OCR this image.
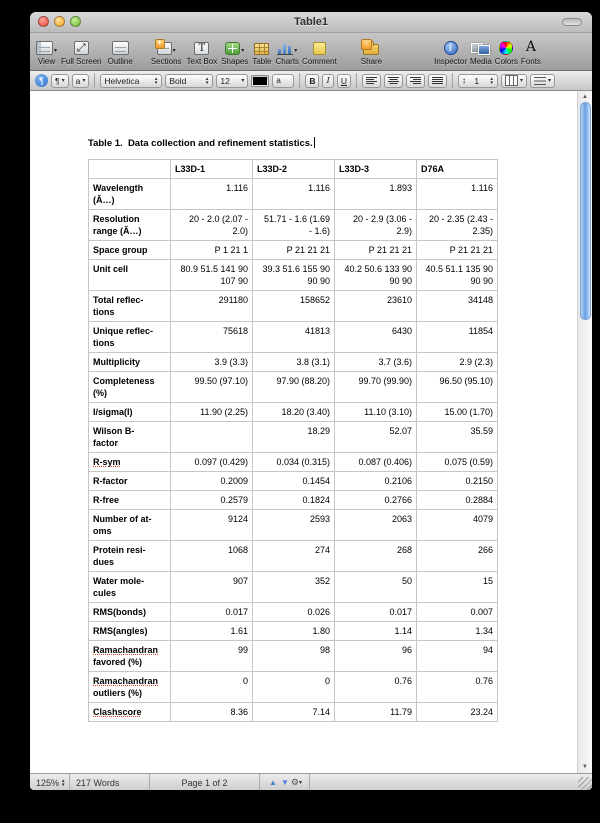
Table1
▾
View
⤢
Full Screen Outline
+
▾
Sections
T
Text Box
▾
Shapes Table
▾
Charts Comment
↑	Share
i
Inspector Media Colors
A
Fonts
¶	¶ ▾ a ▾ Helvetica	▲
▼ Bold	▲
▼ 12 ▾	a	B	I	U	↕ 1 ▲
▼	▾	▾
Table 1.  Data collection and refinement statistics.
	L33D-1	L33D-2	L33D-3	D76A
Wavelength
(Ă…)	1.116	1.116	1.893	1.116
Resolution
range (Ă…)	20 - 2.0 (2.07 -
2.0)	51.71 - 1.6 (1.69
- 1.6)	20 - 2.9 (3.06 -
2.9)	20 - 2.35 (2.43 -
2.35)
Space group	P 1 21 1	P 21 21 21	P 21 21 21	P 21 21 21
Unit cell	80.9 51.5 141 90
107 90	39.3 51.6 155 90
90 90	40.2 50.6 133 90
90 90	40.5 51.1 135 90
90 90
Total reflec-
tions	291180	158652	23610	34148
Unique reflec-
tions	75618	41813	6430	11854
Multiplicity	3.9 (3.3)	3.8 (3.1)	3.7 (3.6)	2.9 (2.3)
Completeness
(%)	99.50 (97.10)	97.90 (88.20)	99.70 (99.90)	96.50 (95.10)
I/sigma(I)	11.90 (2.25)	18.20 (3.40)	11.10 (3.10)	15.00 (1.70)
Wilson B-
factor		18.29	52.07	35.59
R-sym	0.097 (0.429)	0.034 (0.315)	0.087 (0.406)	0.075 (0.59)
R-factor	0.2009	0.1454	0.2106	0.2150
R-free	0.2579	0.1824	0.2766	0.2884
Number of at-
oms	9124	2593	2063	4079
Protein resi-
dues	1068	274	268	266
Water mole-
cules	907	352	50	15
RMS(bonds)	0.017	0.026	0.017	0.007
RMS(angles)	1.61	1.80	1.14	1.34
Ramachandran
favored (%)	99	98	96	94
Ramachandran
outliers (%)	0	0	0.76	0.76
Clashscore	8.36	7.14	11.79	23.24
▲
▼
125% ▲
▼ 217 Words	Page 1 of 2	▲ ▼ ⚙ ▾
